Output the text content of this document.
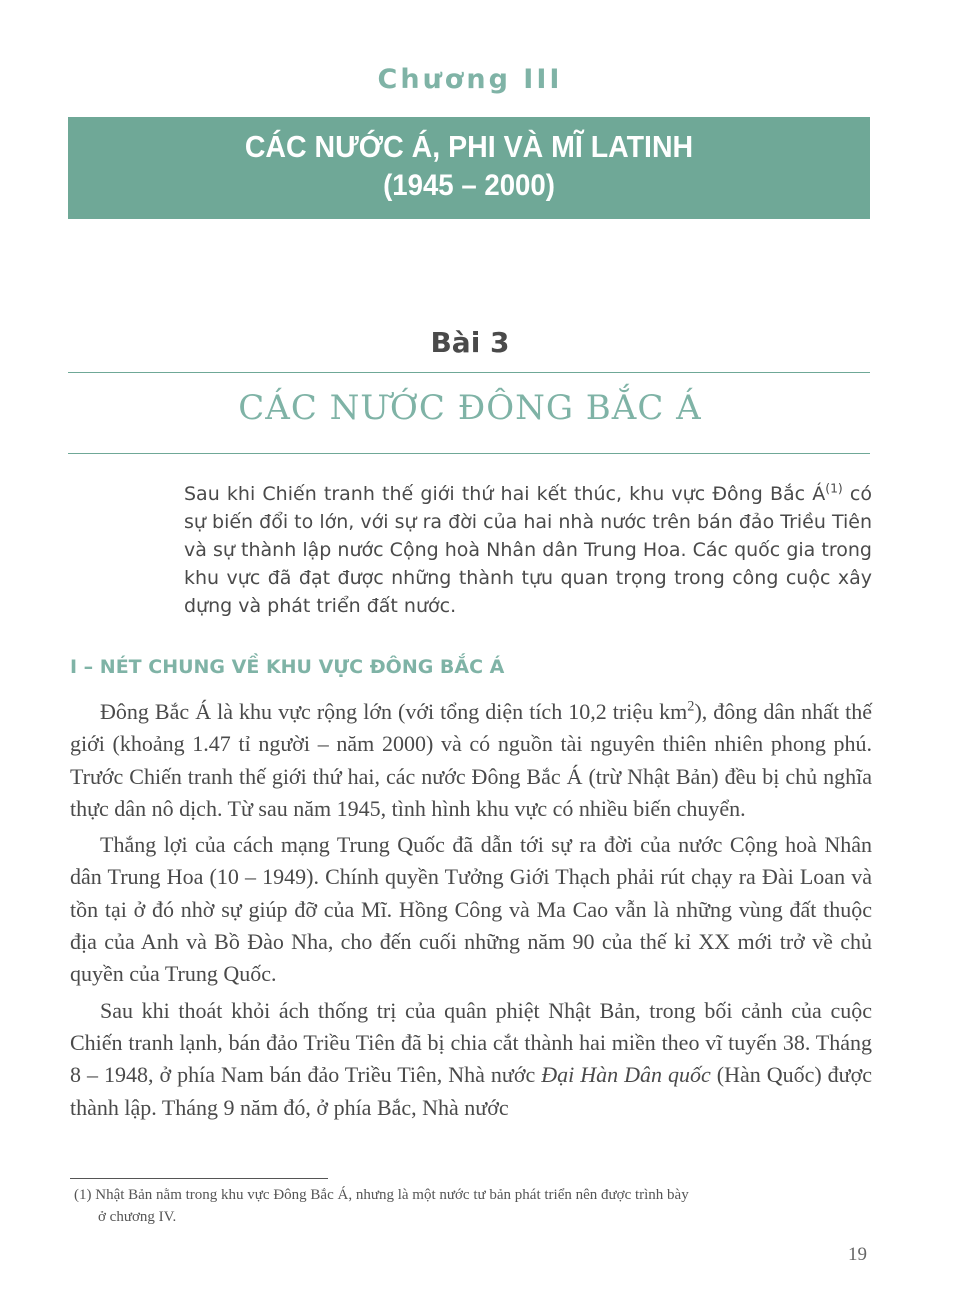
Chương III
CÁC NƯỚC Á, PHI VÀ MĨ LATINH
(1945 – 2000)
Bài 3
CÁC NƯỚC ĐÔNG BẮC Á
Sau khi Chiến tranh thế giới thứ hai kết thúc, khu vực Đông Bắc $Á^{(1)}$ có sự biến đổi to lớn, với sự ra đời của hai nhà nước trên bán đảo Triều Tiên và sự thành lập nước Cộng hoà Nhân dân Trung Hoa. Các quốc gia trong khu vực đã đạt được những thành tựu quan trọng trong công cuộc xây dựng và phát triển đất nước.
I – NÉT CHUNG VỀ KHU VỰC ĐÔNG BẮC Á

Đông Bắc Á là khu vực rộng lớn (với tổng diện tích 10,2 triệu $km^2$), đông dân nhất thế giới (khoảng 1.47 tỉ người – năm 2000) và có nguồn tài nguyên thiên nhiên phong phú. Trước Chiến tranh thế giới thứ hai, các nước Đông Bắc Á (trừ Nhật Bản) đều bị chủ nghĩa thực dân nô dịch. Từ sau năm 1945, tình hình khu vực có nhiều biến chuyển.

Thắng lợi của cách mạng Trung Quốc đã dẫn tới sự ra đời của nước Cộng hoà Nhân dân Trung Hoa (10 – 1949). Chính quyền Tưởng Giới Thạch phải rút chạy ra Đài Loan và tồn tại ở đó nhờ sự giúp đỡ của Mĩ. Hồng Công và Ma Cao vẫn là những vùng đất thuộc địa của Anh và Bồ Đào Nha, cho đến cuối những năm 90 của thế kỉ XX mới trở về chủ quyền của Trung Quốc.

Sau khi thoát khỏi ách thống trị của quân phiệt Nhật Bản, trong bối cảnh của cuộc Chiến tranh lạnh, bán đảo Triều Tiên đã bị chia cắt thành hai miền theo vĩ tuyến 38. Tháng 8 – 1948, ở phía Nam bán đảo Triều Tiên, Nhà nước Đại Hàn Dân quốc (Hàn Quốc) được thành lập. Tháng 9 năm đó, ở phía Bắc, Nhà nước

(1) Nhật Bản nằm trong khu vực Đông Bắc Á, nhưng là một nước tư bản phát triển nên được trình bày
ở chương IV.
19
